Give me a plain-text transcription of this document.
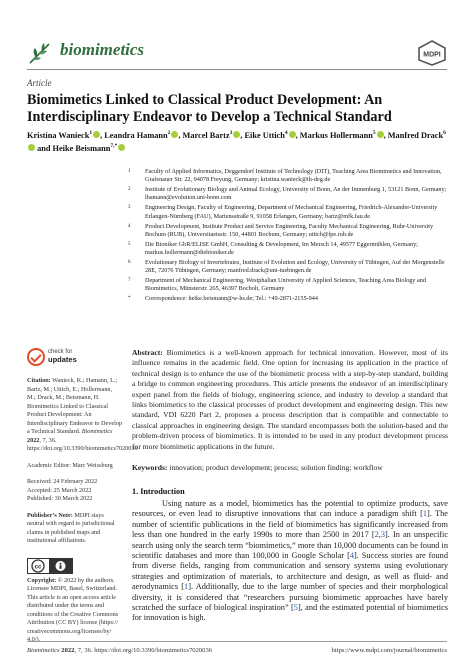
biomimetics	MDPI
Article
Biomimetics Linked to Classical Product Development: An Interdisciplinary Endeavor to Develop a Technical Standard
Kristina Wanieck$^1$ , Leandra Hamann$^2$ , Marcel Bartz$^3$ , Eike Uttich$^4$ , Markus Hollermann$^5$ , Manfred Drack$^6$ and Heike Beismann$^{7,*}$
1 Faculty of Applied Informatics, Deggendorf Institute of Technology (DIT), Teaching Area Biomimetics and Innovation, Grafenauer Str. 22, 94078 Freyung, Germany; kristina.wanieck@th-deg.de
2 Institute of Evolutionary Biology and Animal Ecology, University of Bonn, An der Immenburg 1, 53121 Bonn, Germany; lhamann@evolution.uni-bonn.com
3 Engineering Design, Faculty of Engineering, Department of Mechanical Engineering, Friedrich-Alexander-University Erlangen-Nürnberg (FAU), Martensstraße 9, 91058 Erlangen, Germany; bartz@mfk.fau.de
4 Product Development, Institute Product and Service Engineering, Faculty Mechanical Engineering, Ruhr-University Bochum (RUB), Universitaetsstr. 150, 44801 Bochum, Germany; uttich@lpe.rub.de
5 Die Bioniker GbR/ELISE GmbH, Consulting & Development, Im Mersch 14, 49577 Eggermühlen, Germany; markus.hollermann@diebioniker.de
6 Evolutionary Biology of Invertebrates, Institute of Evolution and Ecology, University of Tübingen, Auf der Morgenstelle 28E, 72076 Tübingen, Germany; manfred.drack@uni-tuebingen.de
7 Department of Mechanical Engineering, Westphalian University of Applied Sciences, Teaching Area Biology and Biomimetics, Münsterstr. 265, 46397 Bocholt, Germany
* Correspondence: heike.beismann@w-hs.de; Tel.: +49-2871-2155-944
check for
updates

Citation: Wanieck, K.; Hamann, L.; Bartz, M.; Uttich, E.; Hollermann, M.; Drack, M.; Beismann, H. Biomimetics Linked to Classical Product Development: An Interdisciplinary Endeavor to Develop a Technical Standard. Biomimetics 2022, 7, 36. https://doi.org/10.3390/biomimetics7020036

Academic Editor: Marc Weissburg

Received: 24 February 2022

Accepted: 25 March 2022

Published: 30 March 2022

Publisher’s Note: MDPI stays neutral with regard to jurisdictional claims in published maps and institutional affiliations.

cc

Copyright: © 2022 by the authors. Licensee MDPI, Basel, Switzerland. This article is an open access article distributed under the terms and conditions of the Creative Commons Attribution (CC BY) license (https:// creativecommons.org/licenses/by/ 4.0/).

Abstract: Biomimetics is a well-known approach for technical innovation. However, most of its influence remains in the academic field. One option for increasing its application in the practice of technical design is to enhance the use of the biomimetic process with a step-by-step standard, building a bridge to common engineering procedures. This article presents the endeavor of an interdisciplinary expert panel from the fields of biology, engineering science, and industry to develop a standard that links biomimetics to the classical processes of product development and engineering design. This new standard, VDI 6220 Part 2, proposes a process description that is compatible and connectable to classical approaches in engineering design. The standard encompasses both the solution-based and the problem-driven process of biomimetics. It is intended to be used in any product development process for more biomimetic applications in the future.
Keywords: innovation; product development; process; solution finding; workflow
1. Introduction
Using nature as a model, biomimetics has the potential to optimize products, save resources, or even lead to disruptive innovations that can induce a paradigm shift [1]. The number of scientific publications in the field of biomimetics has significantly increased from less than one hundred in the early 1990s to more than 2500 in 2017 [2,3]. In an unspecific search using only the search term “biomimetics,” more than 10,000 documents can be found in scientific databases and more than 100,000 in Google Scholar [4]. Success stories are found from diverse fields, ranging from communication and sensory systems using evolutionary strategies and optimization of materials, to architecture and design, as well as fluid- and aerodynamics [1]. Additionally, due to the large number of species and their morphological diversity, it is considered that “researchers pursuing biomimetic approaches have barely scratched the surface of biological inspiration” [5], and the estimated potential of biomimetics for innovation is high.
Biomimetics 2022, 7, 36. https://doi.org/10.3390/biomimetics7020036	https://www.mdpi.com/journal/biomimetics
